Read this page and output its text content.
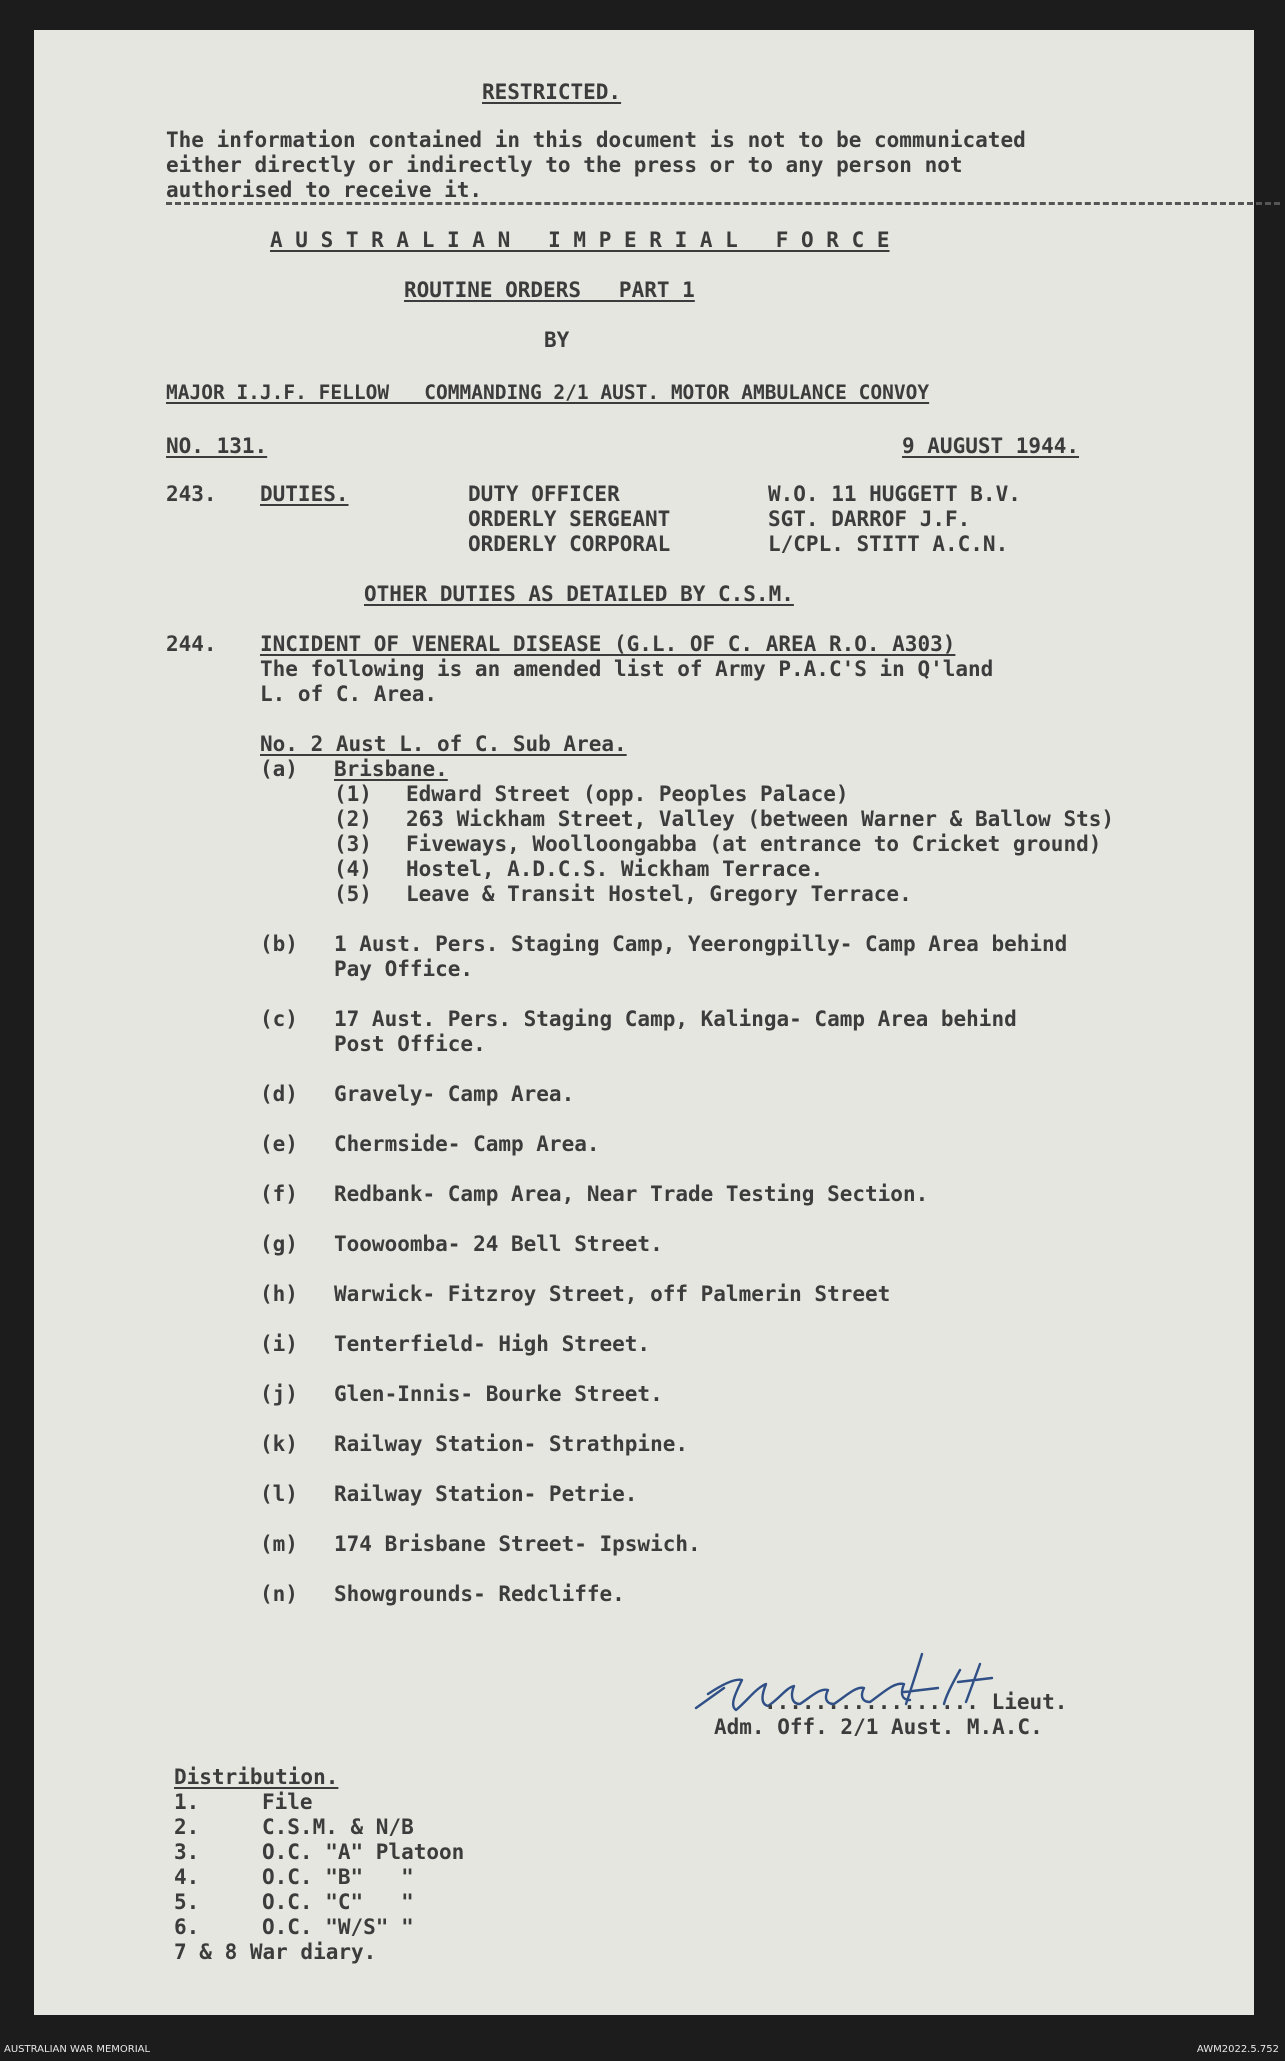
RESTRICTED.
The information contained in this document is not to be communicated
either directly or indirectly to the press or to any person not
authorised to receive it.
A U S T R A L I A N   I M P E R I A L   F O R C E
ROUTINE ORDERS   PART 1
BY
MAJOR I.J.F. FELLOW   COMMANDING 2/1 AUST. MOTOR AMBULANCE CONVOY
NO. 131.	9 AUGUST 1944.
243. DUTIES.	DUTY OFFICER	W.O. 11 HUGGETT B.V.
ORDERLY SERGEANT	SGT. DARROF J.F.
ORDERLY CORPORAL	L/CPL. STITT A.C.N.
OTHER DUTIES AS DETAILED BY C.S.M.
244. INCIDENT OF VENERAL DISEASE (G.L. OF C. AREA R.O. A303)
The following is an amended list of Army P.A.C'S in Q'land
L. of C. Area.
No. 2 Aust L. of C. Sub Area.
(a) Brisbane.
(1) Edward Street (opp. Peoples Palace)
(2) 263 Wickham Street, Valley (between Warner & Ballow Sts)
(3) Fiveways, Woolloongabba (at entrance to Cricket ground)
(4) Hostel, A.D.C.S. Wickham Terrace.
(5) Leave & Transit Hostel, Gregory Terrace.
(b) 1 Aust. Pers. Staging Camp, Yeerongpilly- Camp Area behind
Pay Office.
(c) 17 Aust. Pers. Staging Camp, Kalinga- Camp Area behind
Post Office.
(d) Gravely- Camp Area.
(e) Chermside- Camp Area.
(f) Redbank- Camp Area, Near Trade Testing Section.
(g) Toowoomba- 24 Bell Street.
(h) Warwick- Fitzroy Street, off Palmerin Street
(i) Tenterfield- High Street.
(j) Glen-Innis- Bourke Street.
(k) Railway Station- Strathpine.
(l) Railway Station- Petrie.
(m) 174 Brisbane Street- Ipswich.
(n) Showgrounds- Redcliffe.
................. Lieut.
Adm. Off. 2/1 Aust. M.A.C.
Distribution.
1.	File
2.	C.S.M. & N/B
3.	O.C. "A" Platoon
4.	O.C. "B"   "
5.	O.C. "C"   "
6.	O.C. "W/S" "
7 & 8 War diary.
AUSTRALIAN WAR MEMORIAL	AWM2022.5.752
